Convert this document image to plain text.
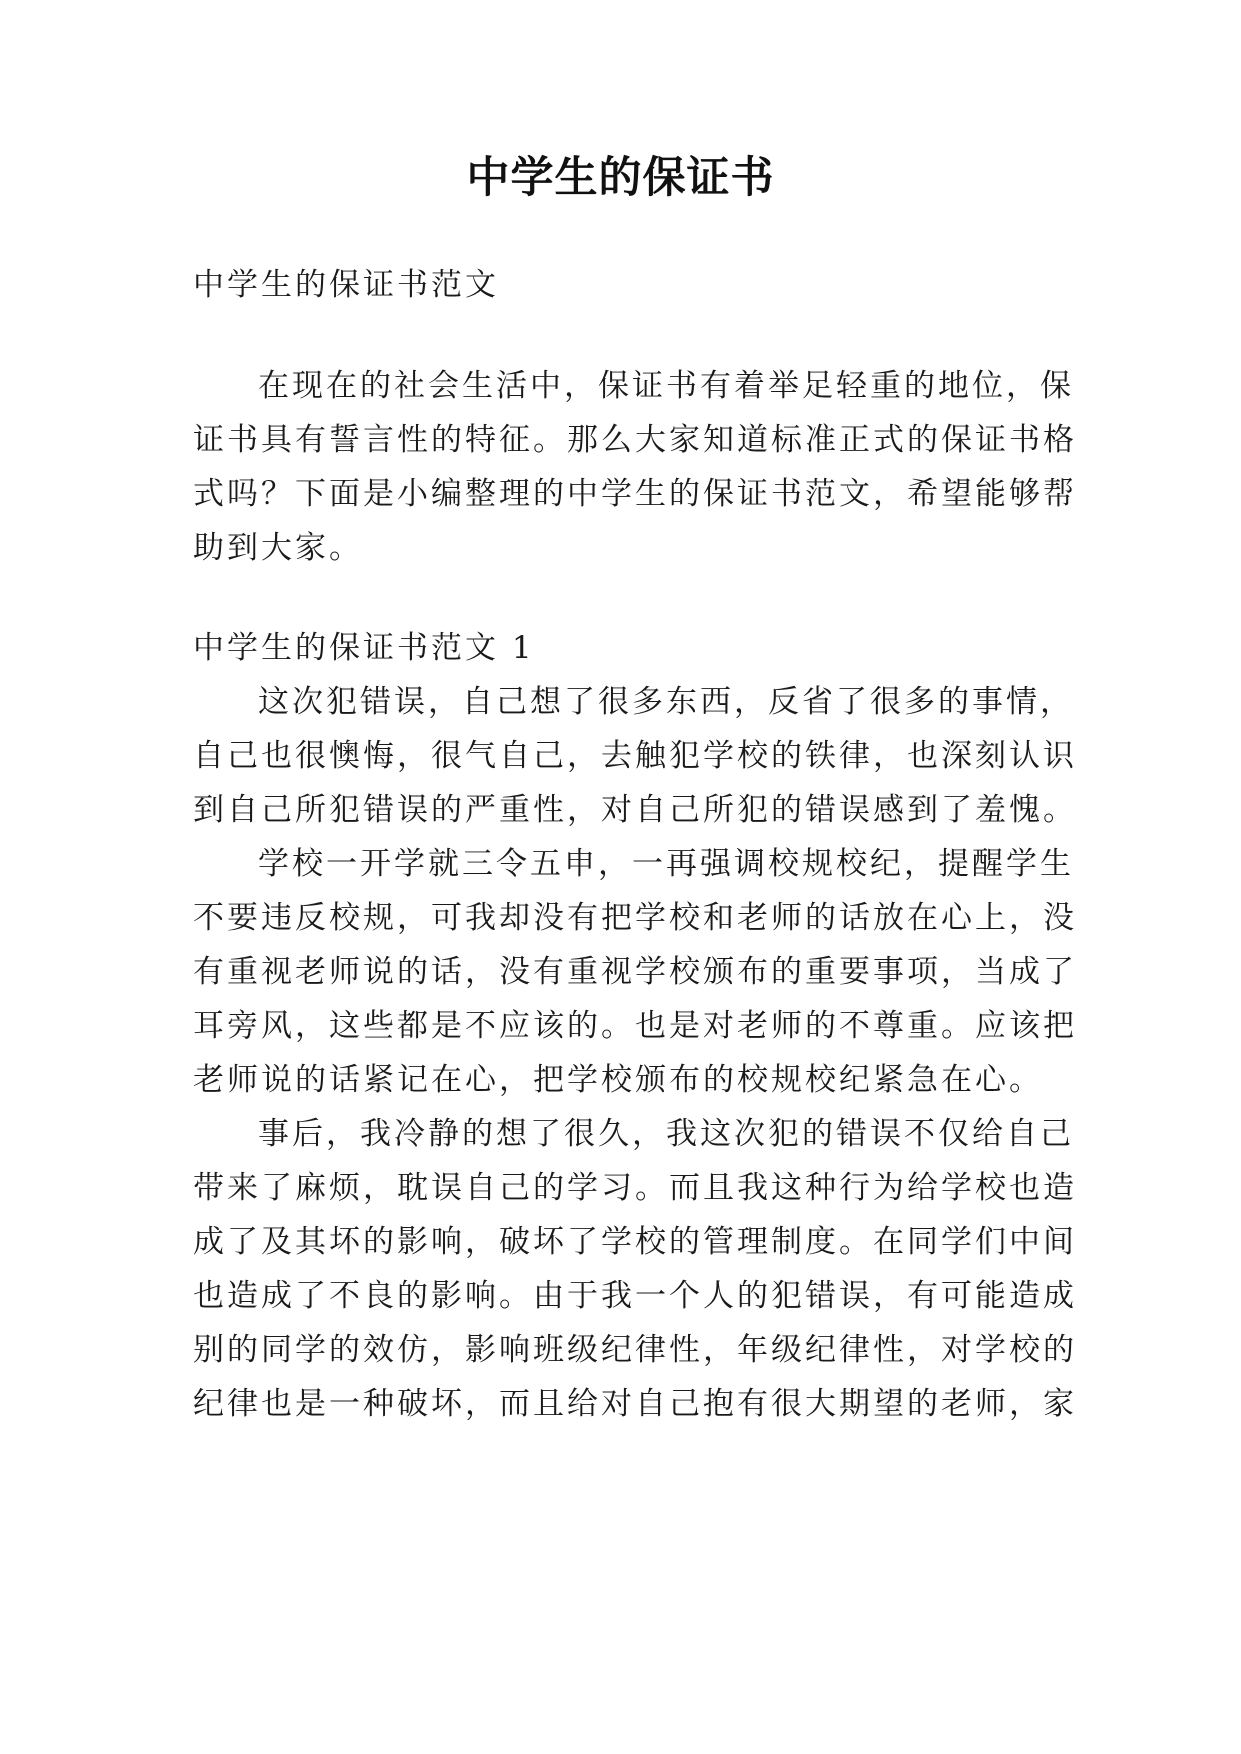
中学生的保证书

中学生的保证书范文

在现在的社会生活中，保证书有着举足轻重的地位，保

证书具有誓言性的特征。那么大家知道标准正式的保证书格

式吗？下面是小编整理的中学生的保证书范文，希望能够帮

助到大家。

中学生的保证书范文 1

这次犯错误，自己想了很多东西，反省了很多的事情，

自己也很懊悔，很气自己，去触犯学校的铁律，也深刻认识

到自己所犯错误的严重性，对自己所犯的错误感到了羞愧。

学校一开学就三令五申，一再强调校规校纪，提醒学生

不要违反校规，可我却没有把学校和老师的话放在心上，没

有重视老师说的话，没有重视学校颁布的重要事项，当成了

耳旁风，这些都是不应该的。也是对老师的不尊重。应该把

老师说的话紧记在心，把学校颁布的校规校纪紧急在心。

事后，我冷静的想了很久，我这次犯的错误不仅给自己

带来了麻烦，耽误自己的学习。而且我这种行为给学校也造

成了及其坏的影响，破坏了学校的管理制度。在同学们中间

也造成了不良的影响。由于我一个人的犯错误，有可能造成

别的同学的效仿，影响班级纪律性，年级纪律性，对学校的

纪律也是一种破坏，而且给对自己抱有很大期望的老师，家
